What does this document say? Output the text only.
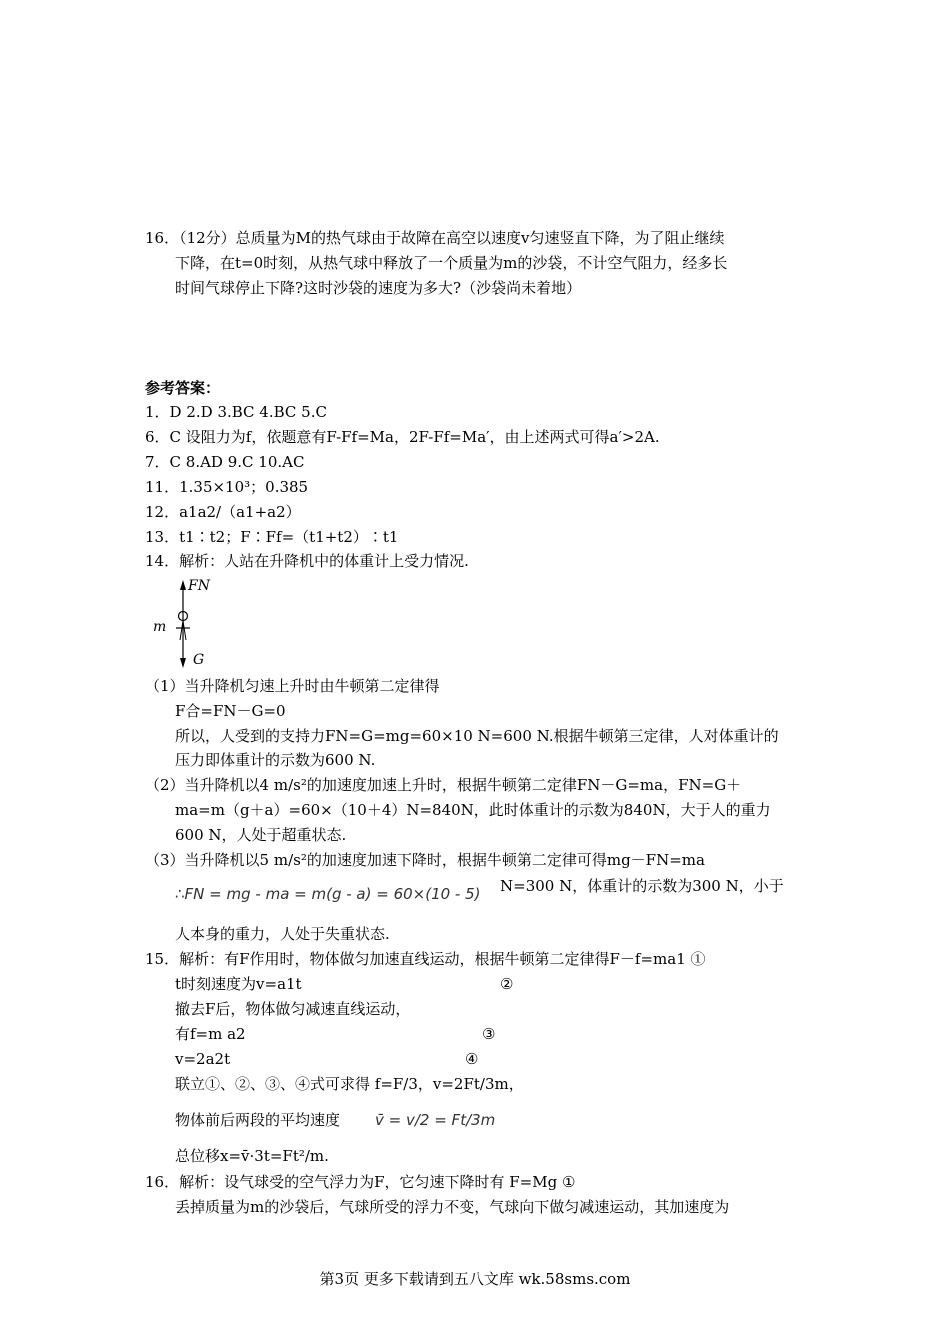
16．（12分）总质量为M的热气球由于故障在高空以速度v匀速竖直下降，为了阻止继续
下降，在t=0时刻，从热气球中释放了一个质量为m的沙袋，不计空气阻力，经多长
时间气球停止下降?这时沙袋的速度为多大?（沙袋尚未着地）
参考答案：
1．D 2.D 3.BC 4.BC 5.C
6．C 设阻力为f，依题意有F-Ff=Ma，2F-Ff=Ma′，由上述两式可得a′>2A.
7．C 8.AD 9.C 10.AC
11．1.35×10³；0.385
12．a1a2/（a1+a2）
13．t1∶t2；F∶Ff=（t1+t2）∶t1
14．解析：人站在升降机中的体重计上受力情况.
FN
m
G
（1）当升降机匀速上升时由牛顿第二定律得
F合=FN－G=0
所以，人受到的支持力FN=G=mg=60×10 N=600 N.根据牛顿第三定律，人对体重计的
压力即体重计的示数为600 N.
（2）当升降机以4 m/s²的加速度加速上升时，根据牛顿第二定律FN－G=ma，FN=G＋
ma=m（g＋a）=60×（10＋4）N=840N，此时体重计的示数为840N，大于人的重力
600 N，人处于超重状态.
（3）当升降机以5 m/s²的加速度加速下降时，根据牛顿第二定律可得mg－FN=ma
∴FN = mg - ma = m(g - a) = 60×(10 - 5) N=300 N，体重计的示数为300 N，小于
人本身的重力，人处于失重状态.
15．解析：有F作用时，物体做匀加速直线运动，根据牛顿第二定律得F－f=ma1 ①
t时刻速度为v=a1t	②
撤去F后，物体做匀减速直线运动，
有f=m a2	③
v=2a2t	④
联立①、②、③、④式可求得 f=F/3，v=2Ft/3m，
物体前后两段的平均速度 v̄ = v/2 = Ft/3m
总位移x=v̄·3t=Ft²/m.
16．解析：设气球受的空气浮力为F，它匀速下降时有 F=Mg ①
丢掉质量为m的沙袋后，气球所受的浮力不变，气球向下做匀减速运动，其加速度为
第3页 更多下载请到五八文库 wk.58sms.com
